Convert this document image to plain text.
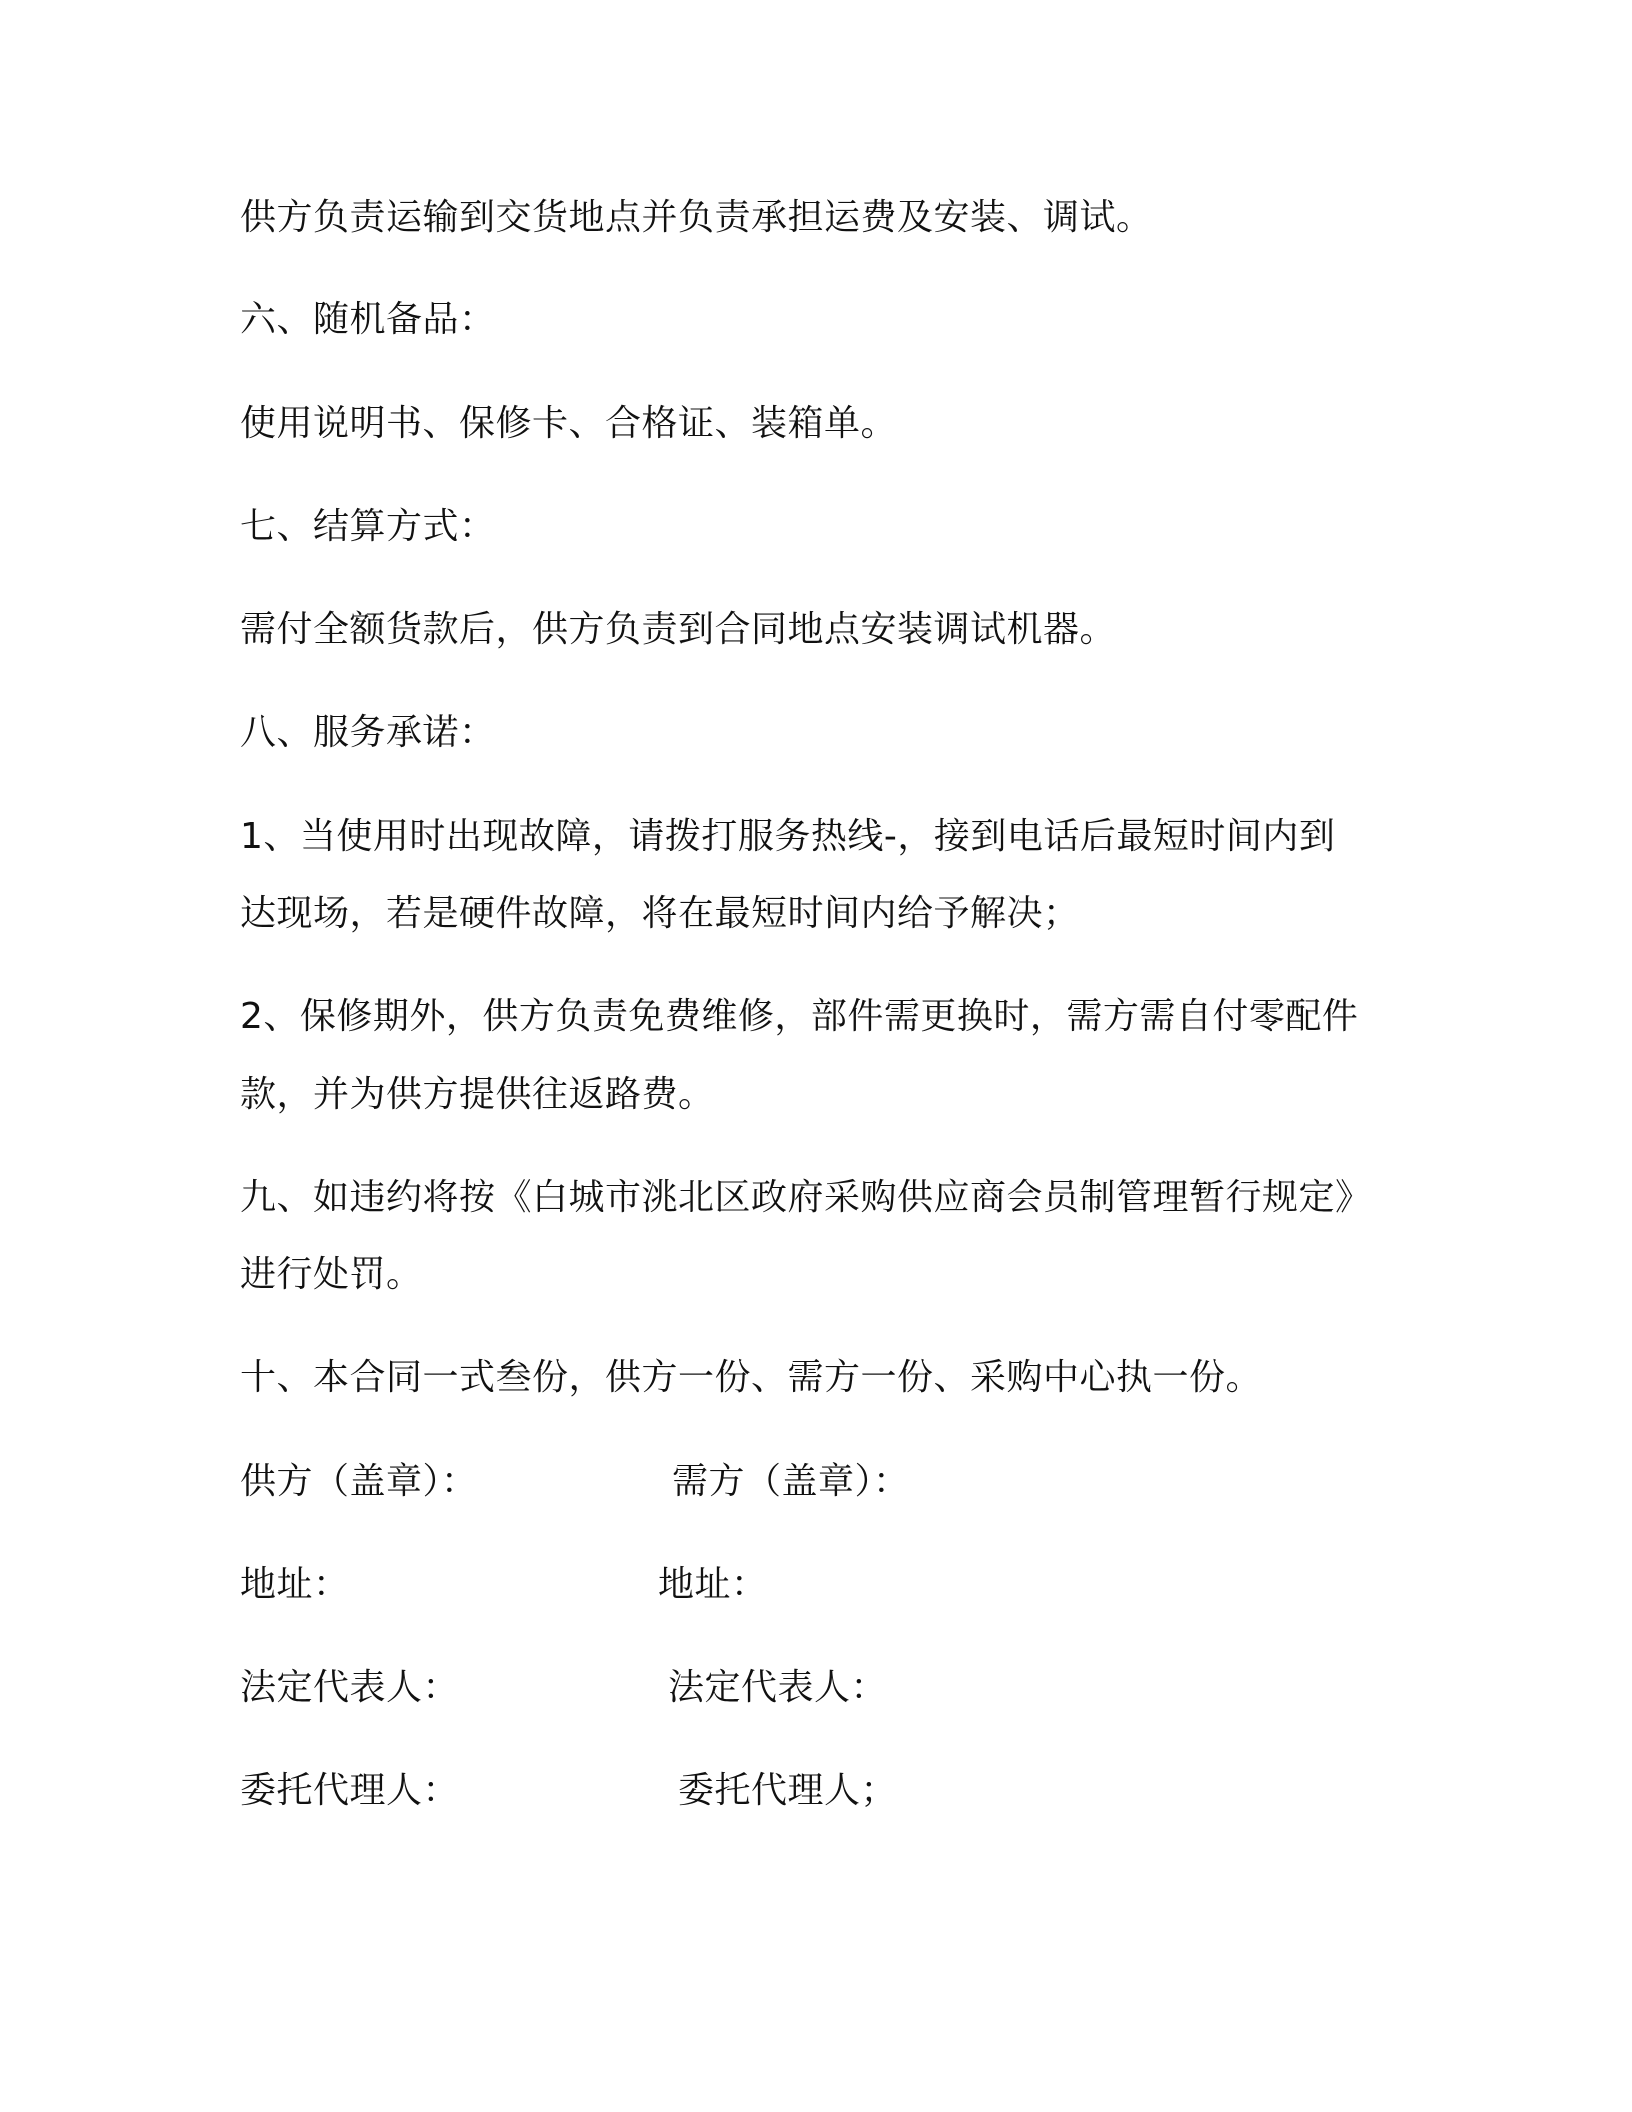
供方负责运输到交货地点并负责承担运费及安装、调试。
六、随机备品：
使用说明书、保修卡、合格证、装箱单。
七、结算方式：
需付全额货款后，供方负责到合同地点安装调试机器。
八、服务承诺：
1、当使用时出现故障，请拨打服务热线-，接到电话后最短时间内到
达现场，若是硬件故障，将在最短时间内给予解决；
2、保修期外，供方负责免费维修，部件需更换时，需方需自付零配件
款，并为供方提供往返路费。
九、如违约将按《白城市洮北区政府采购供应商会员制管理暂行规定》
进行处罚。
十、本合同一式叁份，供方一份、需方一份、采购中心执一份。
供方（盖章）：	需方（盖章）：
地址：	地址：
法定代表人：	法定代表人：
委托代理人：	委托代理人；
